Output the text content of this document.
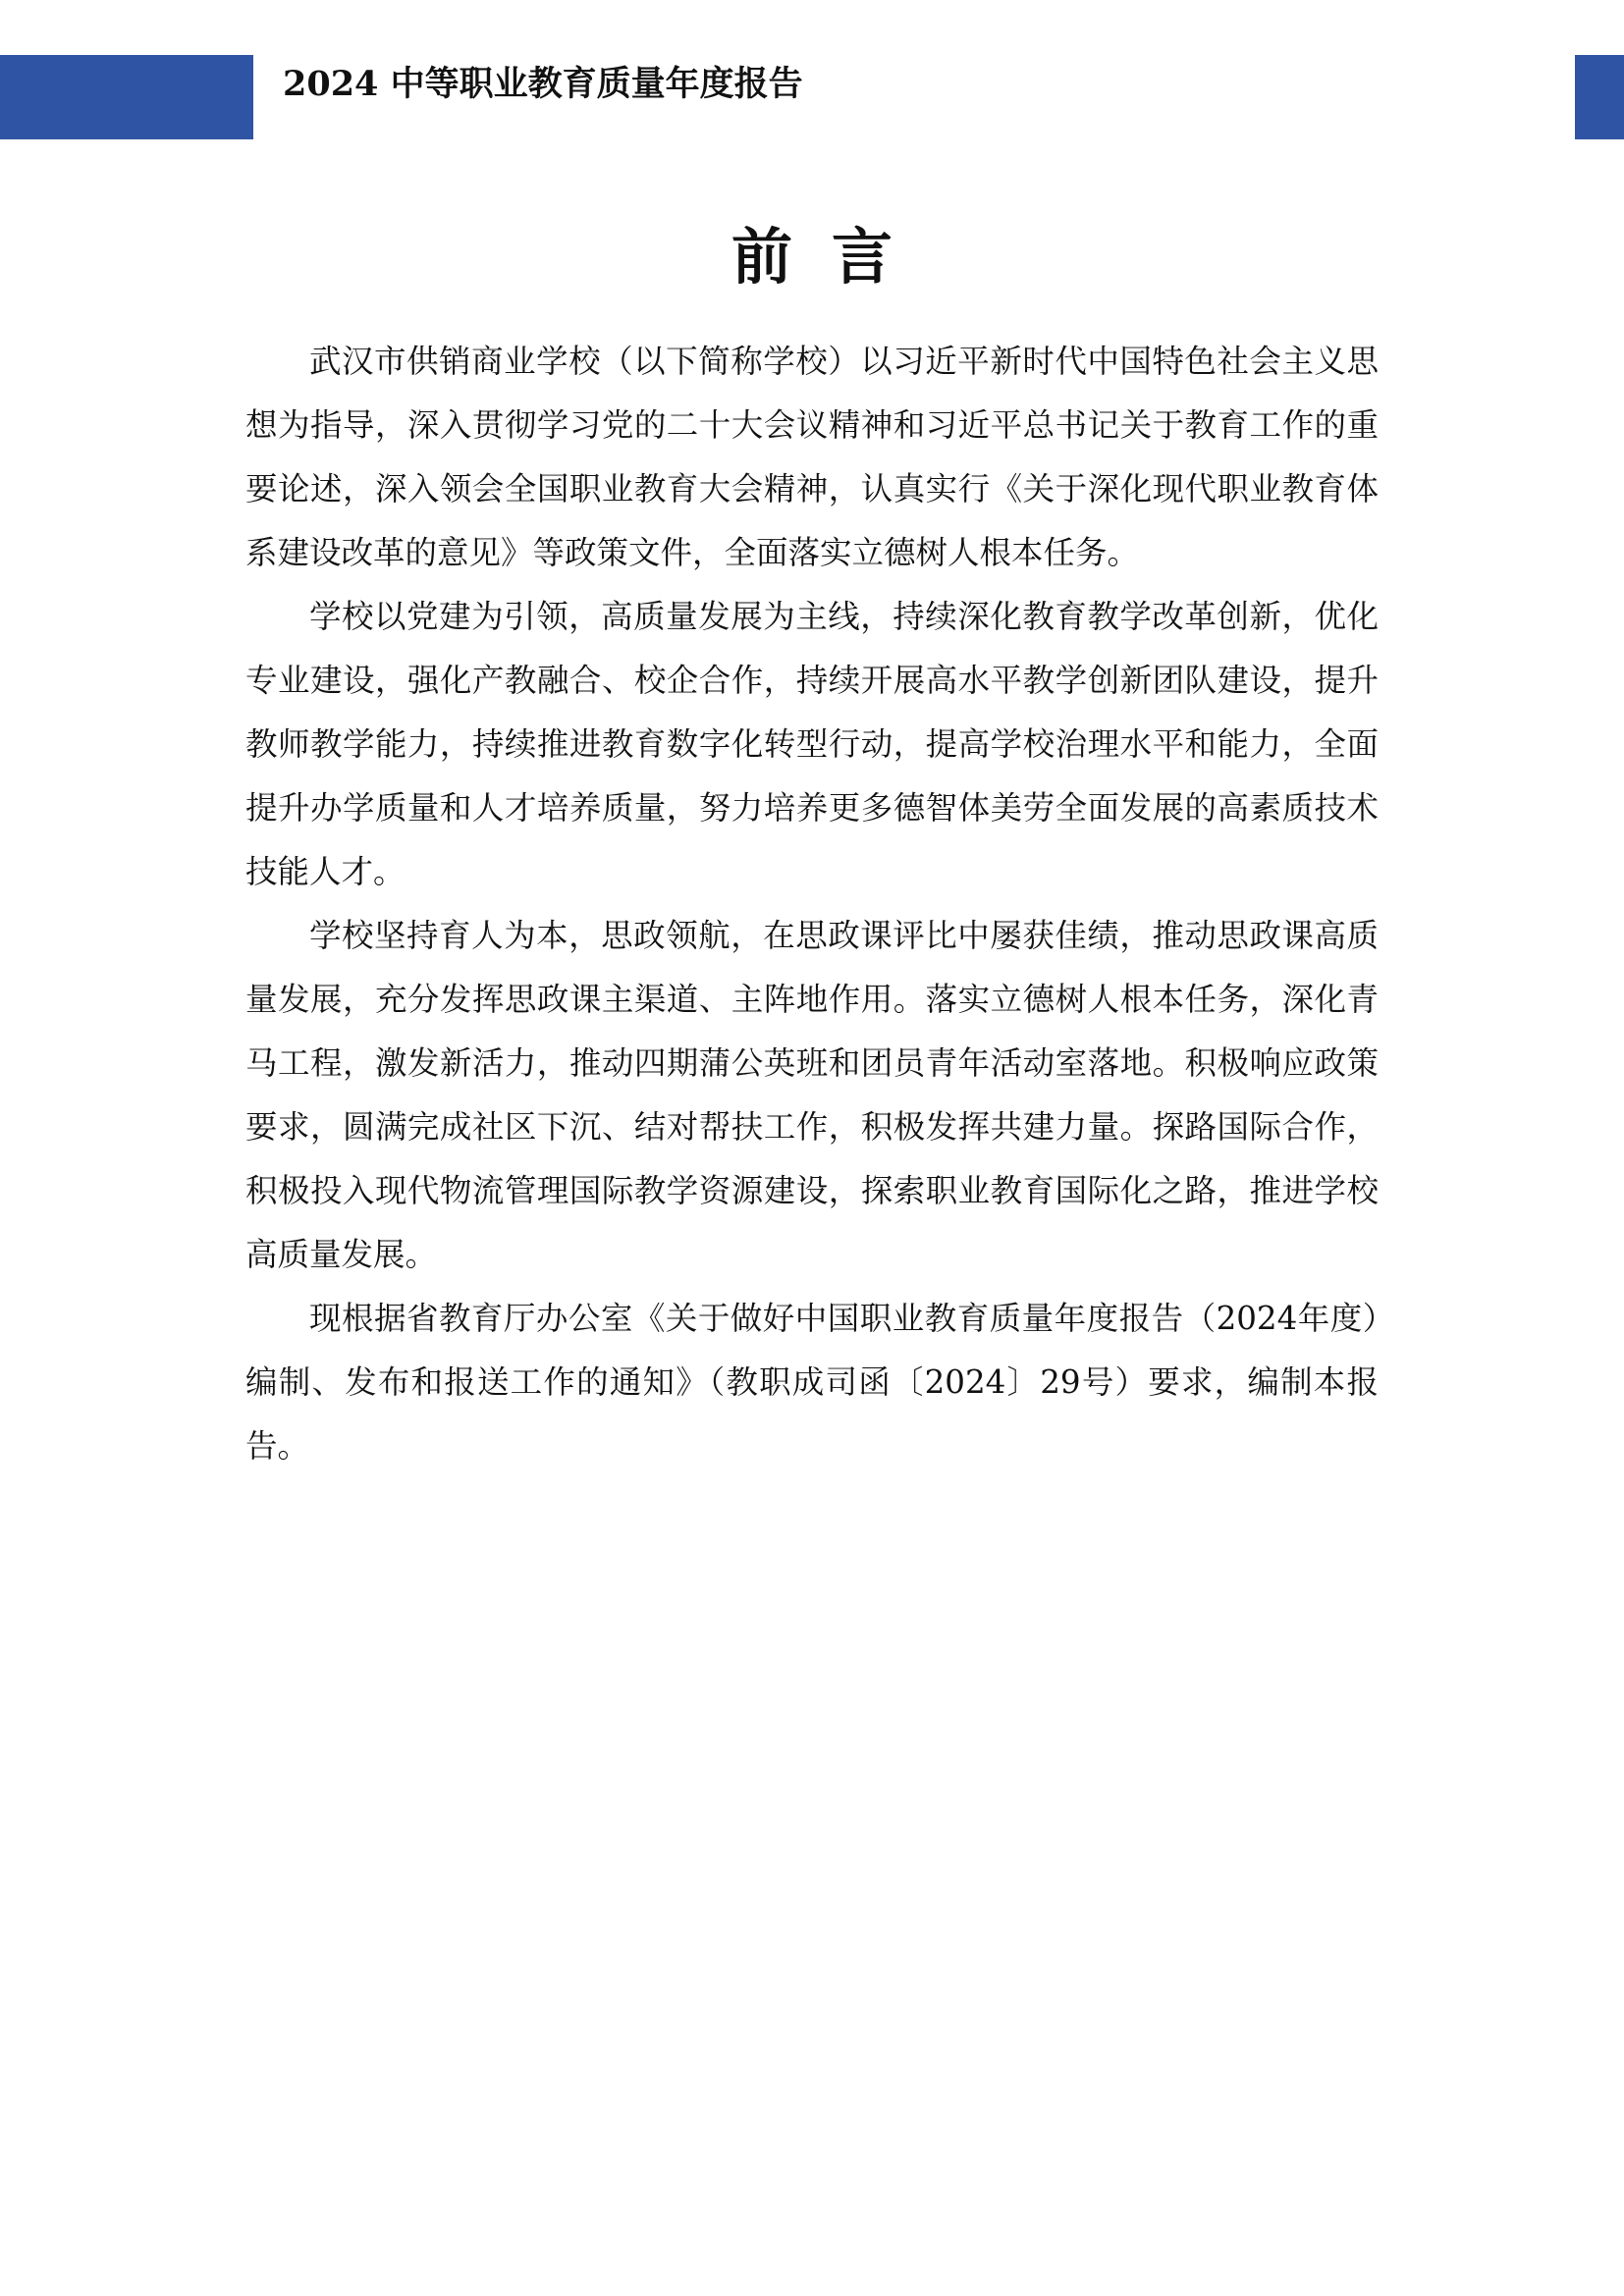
2024 中等职业教育质量年度报告
前言

武汉市供销商业学校（以下简称学校）以习近平新时代中国特色社会主义思想为指导，深入贯彻学习党的二十大会议精神和习近平总书记关于教育工作的重要论述，深入领会全国职业教育大会精神，认真实行《关于深化现代职业教育体系建设改革的意见》等政策文件，全面落实立德树人根本任务。

学校以党建为引领，高质量发展为主线，持续深化教育教学改革创新，优化专业建设，强化产教融合、校企合作，持续开展高水平教学创新团队建设，提升教师教学能力，持续推进教育数字化转型行动，提高学校治理水平和能力，全面提升办学质量和人才培养质量，努力培养更多德智体美劳全面发展的高素质技术技能人才。

学校坚持育人为本，思政领航，在思政课评比中屡获佳绩，推动思政课高质量发展，充分发挥思政课主渠道、主阵地作用。落实立德树人根本任务，深化青马工程，激发新活力，推动四期蒲公英班和团员青年活动室落地。积极响应政策要求，圆满完成社区下沉、结对帮扶工作，积极发挥共建力量。探路国际合作，积极投入现代物流管理国际教学资源建设，探索职业教育国际化之路，推进学校高质量发展。

现根据省教育厅办公室《关于做好中国职业教育质量年度报告（2024年度）编制、发布和报送工作的通知》（教职成司函〔2024〕29号）要求，编制本报告。
